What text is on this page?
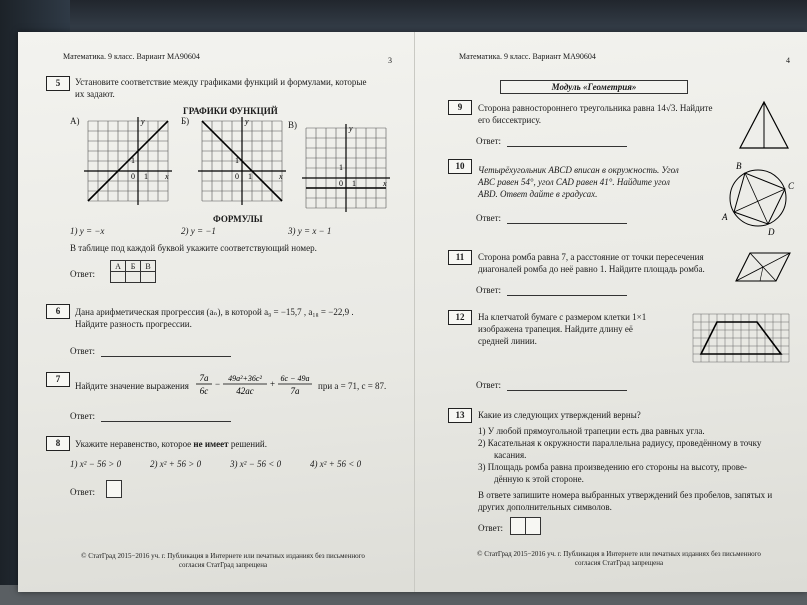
Математика. 9 класс. Вариант МА90604	3
5	Установите соответствие между графиками функций и формулами, которые
их задают.
ГРАФИКИ ФУНКЦИЙ
А)	Б)	В)
0 1
1
y
x	0 1
1
y
x
0 1
1
y
x
ФОРМУЛЫ
1) y = −x	2) y = −1	3) y = x − 1
В таблице под каждой буквой укажите соответствующий номер.
Ответ:
А	Б	В

6	Дана арифметическая прогрессия (aₙ), в которой a₉ = −15,7 , a₁₈ = −22,9 .
Найдите разность прогрессии.
Ответ:
7
Найдите значение выражения
7a
6c
−
49a²+36c²
42ac
+
6c − 49a
7a при a = 71, c = 87.
Ответ:
8	Укажите неравенство, которое не имеет решений.
1) x² − 56 > 0	2) x² + 56 > 0	3) x² − 56 < 0	4) x² + 56 < 0
Ответ:
© СтатГрад 2015−2016 уч. г. Публикация в Интернете или печатных изданиях без письменного
согласия СтатГрад запрещена
Математика. 9 класс. Вариант МА90604	4
Модуль «Геометрия»
9	Сторона равностороннего треугольника равна 14√3. Найдите
его биссектрису.
Ответ:
10	Четырёхугольник ABCD вписан в окружность. Угол
ABC равен 54°, угол CAD равен 41°. Найдите угол
ABD. Ответ дайте в градусах.
A
B
C
D
Ответ:
11	Сторона ромба равна 7, а расстояние от точки пересечения
диагоналей ромба до неё равно 1. Найдите площадь ромба.
Ответ:
12	На клетчатой бумаге с размером клетки 1×1
изображена трапеция. Найдите длину её
средней линии.
Ответ:
13	Какие из следующих утверждений верны?
1) У любой прямоугольной трапеции есть два равных угла.
2) Касательная к окружности параллельна радиусу, проведённому в точку
касания.
3) Площадь ромба равна произведению его стороны на высоту, прове-
дённую к этой стороне.
В ответе запишите номера выбранных утверждений без пробелов, запятых и
других дополнительных символов.
Ответ:
© СтатГрад 2015−2016 уч. г. Публикация в Интернете или печатных изданиях без письменного
согласия СтатГрад запрещена
